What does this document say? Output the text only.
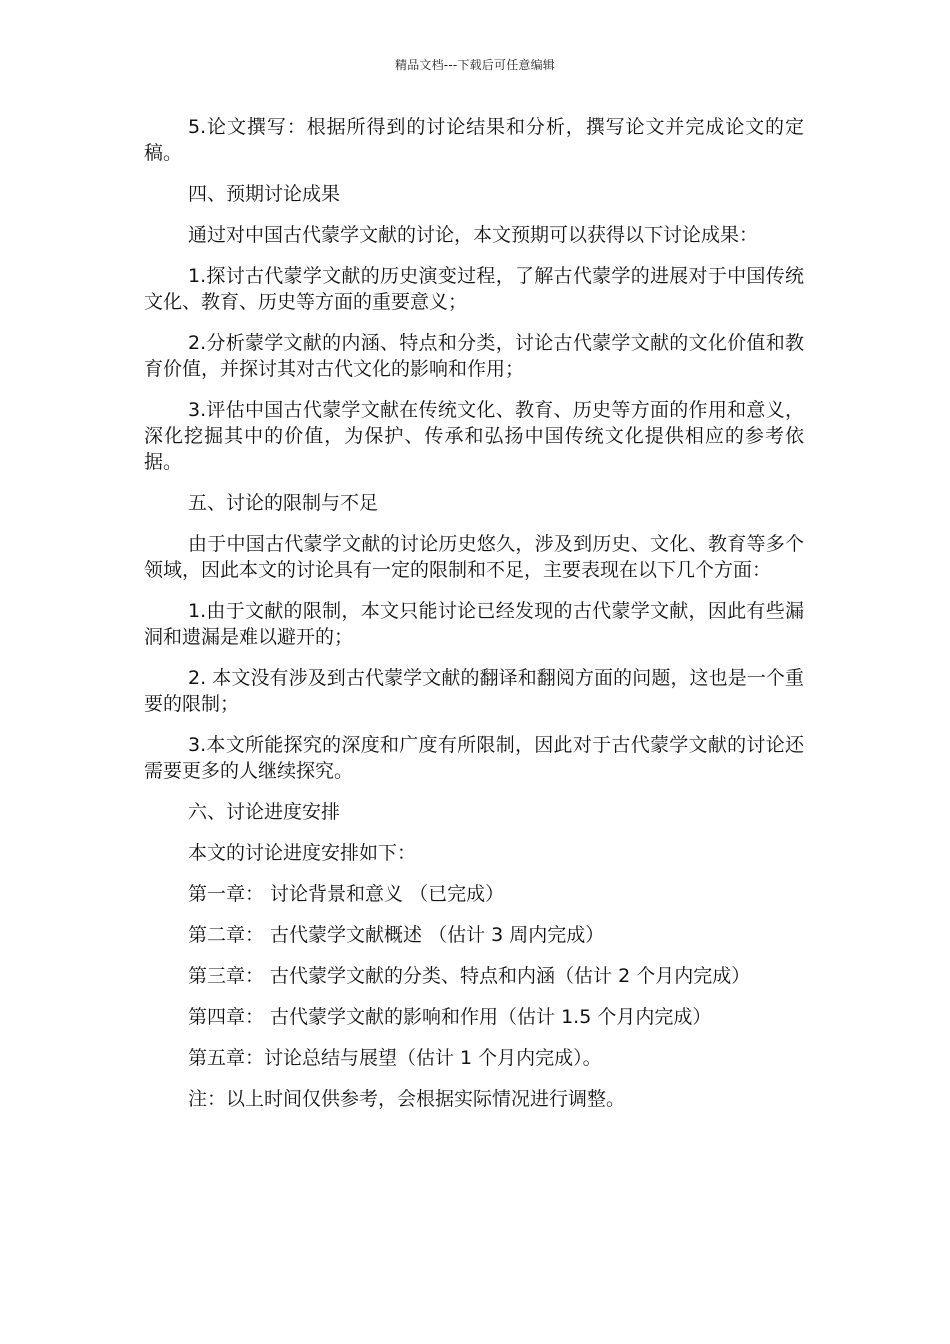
精品文档---下载后可任意编辑

5.论文撰写：根据所得到的讨论结果和分析，撰写论文并完成论文的定稿。

四、预期讨论成果

通过对中国古代蒙学文献的讨论，本文预期可以获得以下讨论成果：

1.探讨古代蒙学文献的历史演变过程，了解古代蒙学的进展对于中国传统文化、教育、历史等方面的重要意义；

2.分析蒙学文献的内涵、特点和分类，讨论古代蒙学文献的文化价值和教育价值，并探讨其对古代文化的影响和作用；

3.评估中国古代蒙学文献在传统文化、教育、历史等方面的作用和意义，深化挖掘其中的价值，为保护、传承和弘扬中国传统文化提供相应的参考依据。

五、讨论的限制与不足

由于中国古代蒙学文献的讨论历史悠久，涉及到历史、文化、教育等多个领域，因此本文的讨论具有一定的限制和不足，主要表现在以下几个方面：

1.由于文献的限制，本文只能讨论已经发现的古代蒙学文献，因此有些漏洞和遗漏是难以避开的；

2. 本文没有涉及到古代蒙学文献的翻译和翻阅方面的问题，这也是一个重要的限制；

3.本文所能探究的深度和广度有所限制，因此对于古代蒙学文献的讨论还需要更多的人继续探究。

六、讨论进度安排

本文的讨论进度安排如下：

第一章： 讨论背景和意义 （已完成）

第二章： 古代蒙学文献概述 （估计 3 周内完成）

第三章： 古代蒙学文献的分类、特点和内涵（估计 2 个月内完成）

第四章： 古代蒙学文献的影响和作用（估计 1.5 个月内完成）

第五章：讨论总结与展望（估计 1 个月内完成）。

注：以上时间仅供参考，会根据实际情况进行调整。
